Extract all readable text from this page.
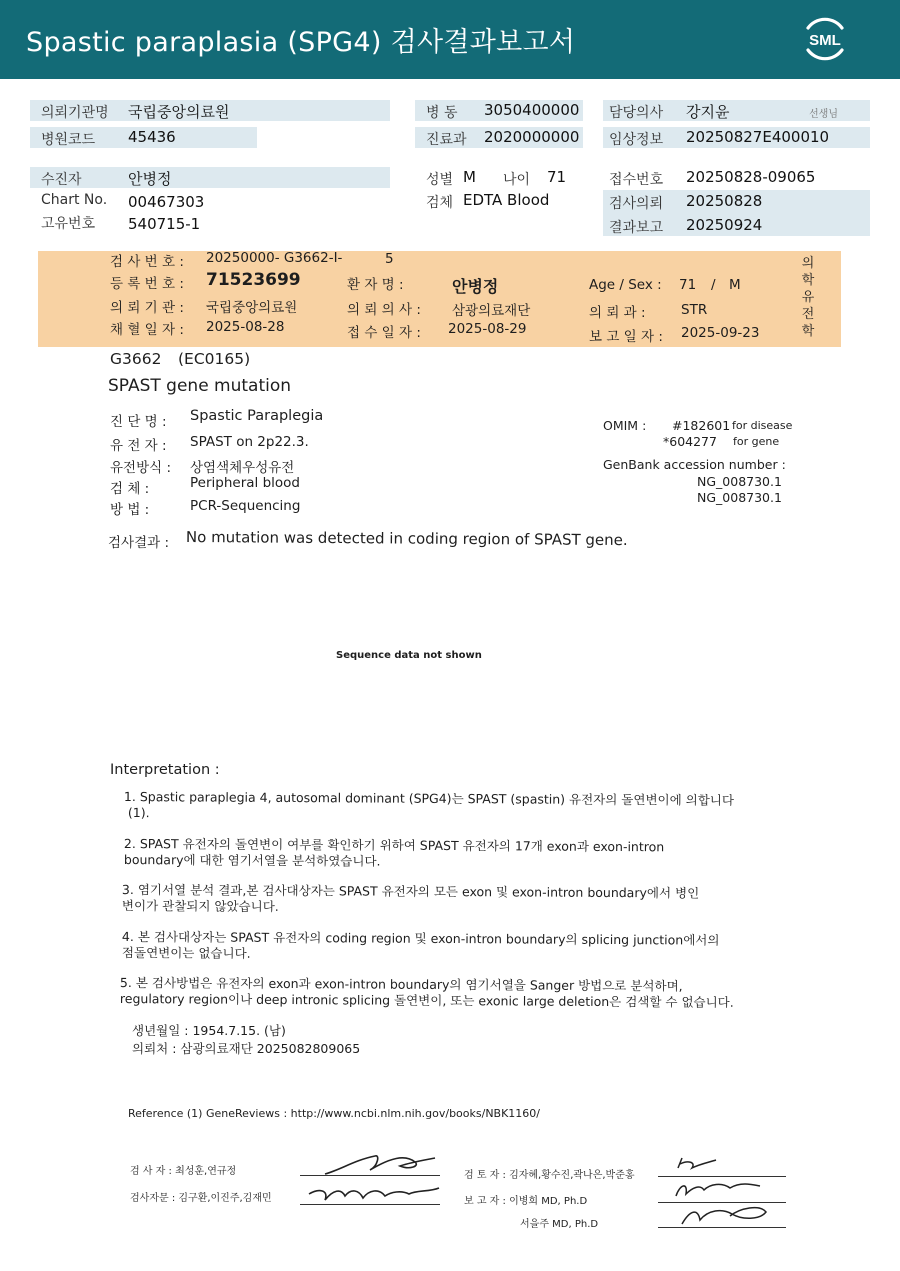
Spastic paraplasia (SPG4) 검사결과보고서	SML
의뢰기관명 국립중앙의료원
병원코드 45436
병 동 3050400000
진료과 2020000000
담당의사 강지윤	선생님
임상정보 20250827E400010
수진자	안병정
Chart No. 00467303
고유번호 540715-1
성별 M 나이 71
검체 EDTA Blood
접수번호 20250828-09065
검사의뢰 20250828
결과보고 20250924
검 사 번 호 : 20250000- G3662-I-	5
등 록 번 호 : 71523699	환 자 명 :	안병정	Age / Sex : 71 / M
의 뢰 기 관 : 국립중앙의료원	의 뢰 의 사 : 삼광의료재단	의 뢰 과 :	STR
채 혈 일 자 : 2025-08-28	접 수 일 자 : 2025-08-29	보 고 일 자 : 2025-09-23
의학유전학
G3662 (EC0165)
SPAST gene mutation
진 단 명 : Spastic Paraplegia
유 전 자 : SPAST on 2p22.3.
유전방식 : 상염색체우성유전
검 체 :	Peripheral blood
방 법 :	PCR-Sequencing
OMIM : #182601 for disease
*604277 for gene
GenBank accession number :
NG_008730.1
NG_008730.1
검사결과 : No mutation was detected in coding region of SPAST gene.
Sequence data not shown
Interpretation :
1. Spastic paraplegia 4, autosomal dominant (SPG4)는 SPAST (spastin) 유전자의 돌연변이에 의합니다
(1).
2. SPAST 유전자의 돌연변이 여부를 확인하기 위하여 SPAST 유전자의 17개 exon과 exon-intron
boundary에 대한 염기서열을 분석하였습니다.
3. 염기서열 분석 결과,본 검사대상자는 SPAST 유전자의 모든 exon 및 exon-intron boundary에서 병인
변이가 관찰되지 않았습니다.
4. 본 검사대상자는 SPAST 유전자의 coding region 및 exon-intron boundary의 splicing junction에서의
점돌연변이는 없습니다.
5. 본 검사방법은 유전자의 exon과 exon-intron boundary의 염기서열을 Sanger 방법으로 분석하며,
regulatory region이나 deep intronic splicing 돌연변이, 또는 exonic large deletion은 검색할 수 없습니다.
생년월일 : 1954.7.15. (남)
의뢰처 : 삼광의료재단 2025082809065
Reference (1) GeneReviews : http://www.ncbi.nlm.nih.gov/books/NBK1160/
검 사 자 : 최성훈,연규정
검사자문 : 김구환,이진주,김재민
검 토 자 : 김자혜,황수진,곽나은,박준홍
보 고 자 : 이병희 MD, Ph.D
서을주 MD, Ph.D
